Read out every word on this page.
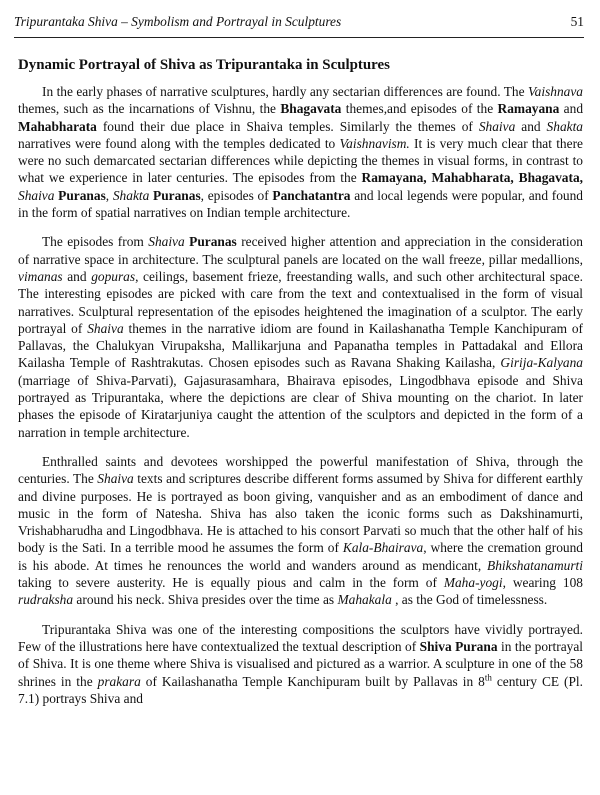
Tripurantaka Shiva – Symbolism and Portrayal in Sculptures	51
Dynamic Portrayal of Shiva as Tripurantaka in Sculptures

In the early phases of narrative sculptures, hardly any sectarian differences are found. The Vaishnava themes, such as the incarnations of Vishnu, the Bhagavata themes,and episodes of the Ramayana and Mahabharata found their due place in Shaiva temples. Similarly the themes of Shaiva and Shakta narratives were found along with the temples dedicated to Vaishnavism. It is very much clear that there were no such demarcated sectarian differences while depicting the themes in visual forms, in contrast to what we experience in later centuries. The episodes from the Ramayana, Mahabharata, Bhagavata, Shaiva Puranas, Shakta Puranas, episodes of Panchatantra and local legends were popular, and found in the form of spatial narratives on Indian temple architecture.

The episodes from Shaiva Puranas received higher attention and appreciation in the consideration of narrative space in architecture. The sculptural panels are located on the wall freeze, pillar medallions, vimanas and gopuras, ceilings, basement frieze, freestanding walls, and such other architectural space. The interesting episodes are picked with care from the text and contextualised in the form of visual narratives. Sculptural representation of the episodes heightened the imagination of a sculptor. The early portrayal of Shaiva themes in the narrative idiom are found in Kailashanatha Temple Kanchipuram of Pallavas, the Chalukyan Virupaksha, Mallikarjuna and Papanatha temples in Pattadakal and Ellora Kailasha Temple of Rashtrakutas. Chosen episodes such as Ravana Shaking Kailasha, Girija-Kalyana (marriage of Shiva-Parvati), Gajasurasamhara, Bhairava episodes, Lingodbhava episode and Shiva portrayed as Tripurantaka, where the depictions are clear of Shiva mounting on the chariot. In later phases the episode of Kiratarjuniya caught the attention of the sculptors and depicted in the form of a narration in temple architecture.

Enthralled saints and devotees worshipped the powerful manifestation of Shiva, through the centuries. The Shaiva texts and scriptures describe different forms assumed by Shiva for different earthly and divine purposes. He is portrayed as boon giving, vanquisher and as an embodiment of dance and music in the form of Natesha. Shiva has also taken the iconic forms such as Dakshinamurti, Vrishabharudha and Lingodbhava. He is attached to his consort Parvati so much that the other half of his body is the Sati. In a terrible mood he assumes the form of Kala-Bhairava, where the cremation ground is his abode. At times he renounces the world and wanders around as mendicant, Bhikshatanamurti taking to severe austerity. He is equally pious and calm in the form of Maha-yogi, wearing 108 rudraksha around his neck. Shiva presides over the time as Mahakala , as the God of timelessness.

Tripurantaka Shiva was one of the interesting compositions the sculptors have vividly portrayed. Few of the illustrations here have contextualized the textual description of Shiva Purana in the portrayal of Shiva. It is one theme where Shiva is visualised and pictured as a warrior. A sculpture in one of the 58 shrines in the prakara of Kailashanatha Temple Kanchipuram built by Pallavas in 8th century CE (Pl. 7.1) portrays Shiva and
